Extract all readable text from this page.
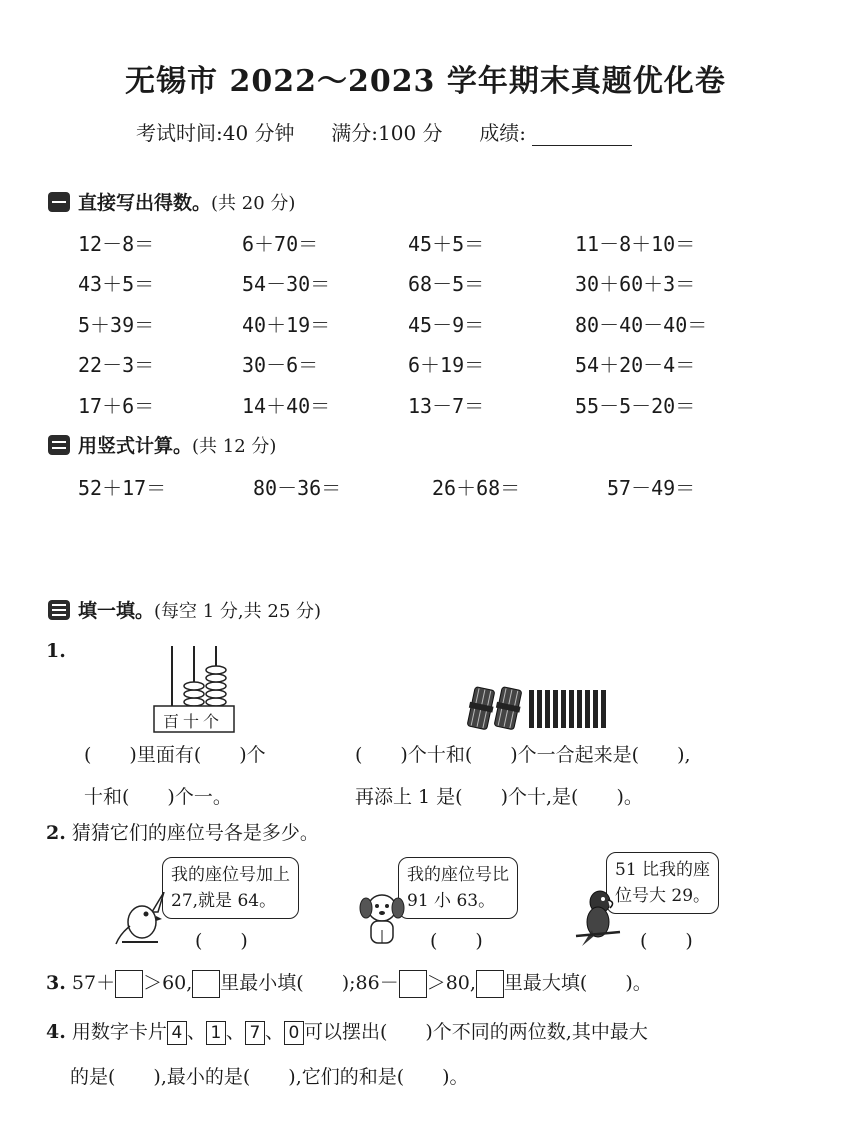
无锡市 2022～2023 学年期末真题优化卷
考试时间:40 分钟 满分:100 分 成绩:
直接写出得数。(共 20 分)
12－8＝	6＋70＝	45＋5＝	11－8＋10＝
43＋5＝	54－30＝	68－5＝	30＋60＋3＝
5＋39＝	40＋19＝	45－9＝	80－40－40＝
22－3＝	30－6＝	6＋19＝	54＋20－4＝
17＋6＝	14＋40＝	13－7＝	55－5－20＝
用竖式计算。(共 12 分)
52＋17＝	80－36＝	26＋68＝	57－49＝
填一填。(每空 1 分,共 25 分)
1.
百十个
(　　)里面有(　　)个
十和(　　)个一。
(　　)个十和(　　)个一合起来是(　　),
再添上 1 是(　　)个十,是(　　)。
2. 猜猜它们的座位号各是多少。
我的座位号加上
27,就是 64。
(　　)
我的座位号比
91 小 63。
(　　)
51 比我的座
位号大 29。
(　　)
3. 57＋ ＞60, 里最小填(　　);86－ ＞80, 里最大填(　　)。
4. 用数字卡片 4 、 1 、 7 、 0 可以摆出(　　)个不同的两位数,其中最大
的是(　　),最小的是(　　),它们的和是(　　)。
